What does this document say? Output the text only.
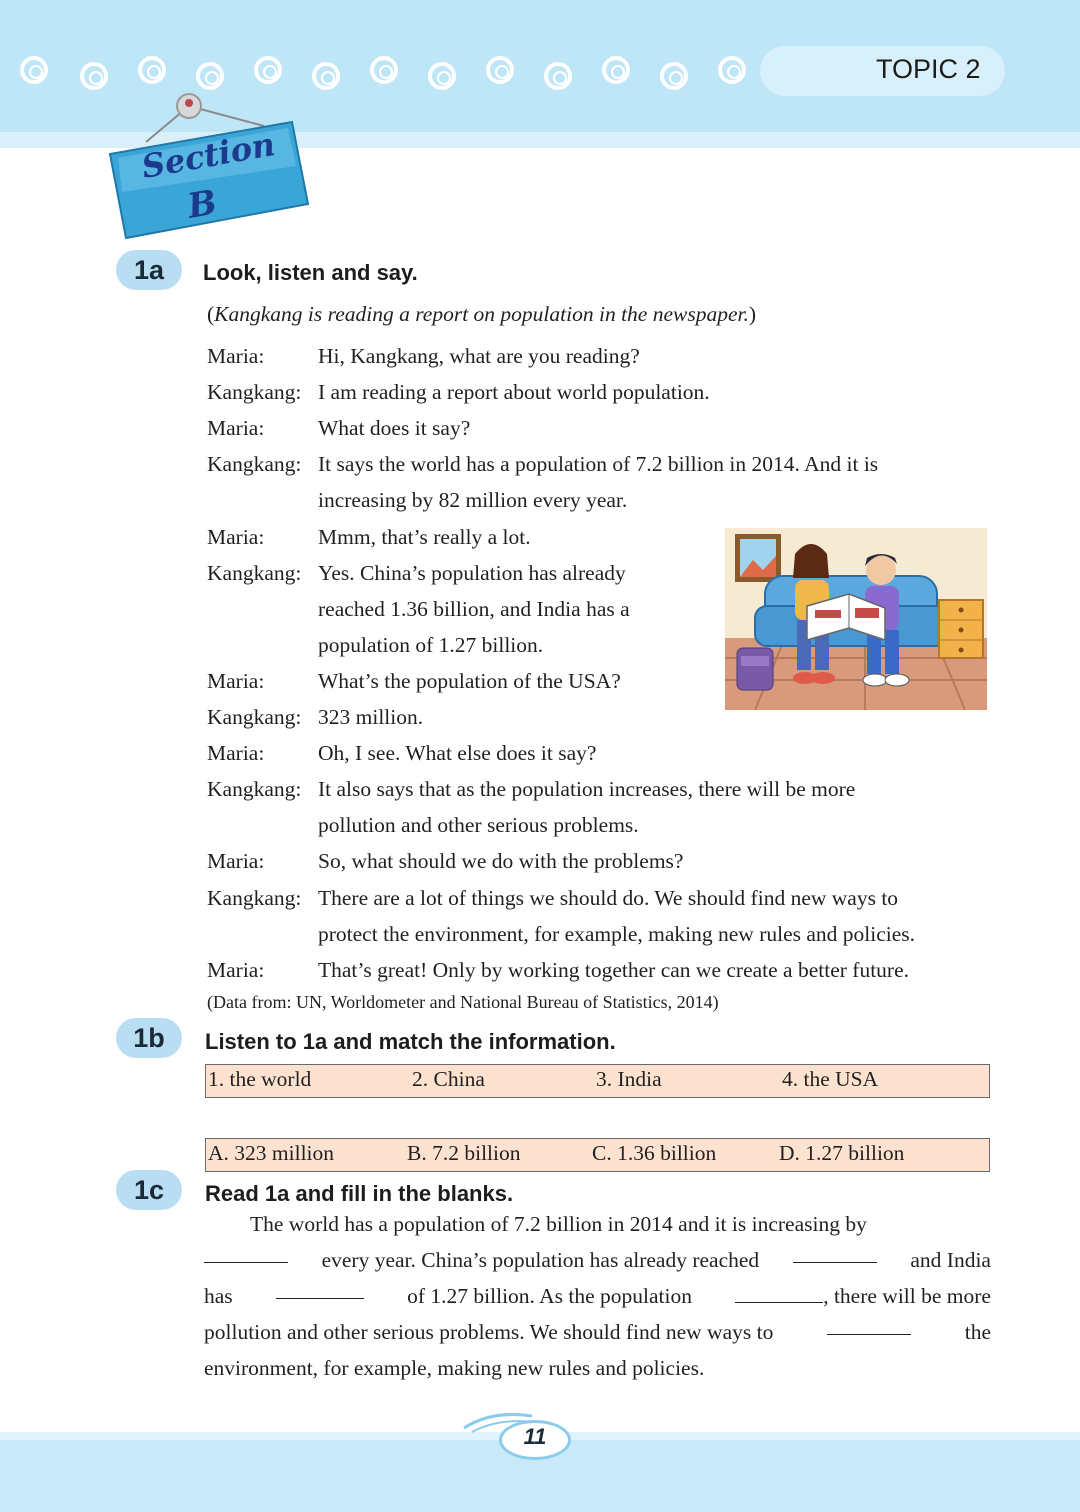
TOPIC 2
Section
B
1a	Look, listen and say.
(Kangkang is reading a report on population in the newspaper.)
Maria: Hi, Kangkang, what are you reading?
Kangkang: I am reading a report about world population.
Maria: What does it say?
Kangkang: It says the world has a population of 7.2 billion in 2014. And it is
increasing by 82 million every year.
Maria: Mmm, that’s really a lot.
Kangkang: Yes. China’s population has already
reached 1.36 billion, and India has a
population of 1.27 billion.
Maria: What’s the population of the USA?
Kangkang: 323 million.
Maria: Oh, I see. What else does it say?
Kangkang: It also says that as the population increases, there will be more
pollution and other serious problems.
Maria: So, what should we do with the problems?
Kangkang: There are a lot of things we should do. We should find new ways to
protect the environment, for example, making new rules and policies.
Maria: That’s great! Only by working together can we create a better future.
(Data from: UN, Worldometer and National Bureau of Statistics, 2014)
1b	Listen to 1a and match the information.
1. the world	2. China	3. India	4. the USA
A. 323 million	B. 7.2 billion	C. 1.36 billion	D. 1.27 billion
1c	Read 1a and fill in the blanks.
The world has a population of 7.2 billion in 2014 and it is increasing by
every year. China’s population has already reached	and India
has	of 1.27 billion. As the population	, there will be more
pollution and other serious problems. We should find new ways to	the
environment, for example, making new rules and policies.
11
